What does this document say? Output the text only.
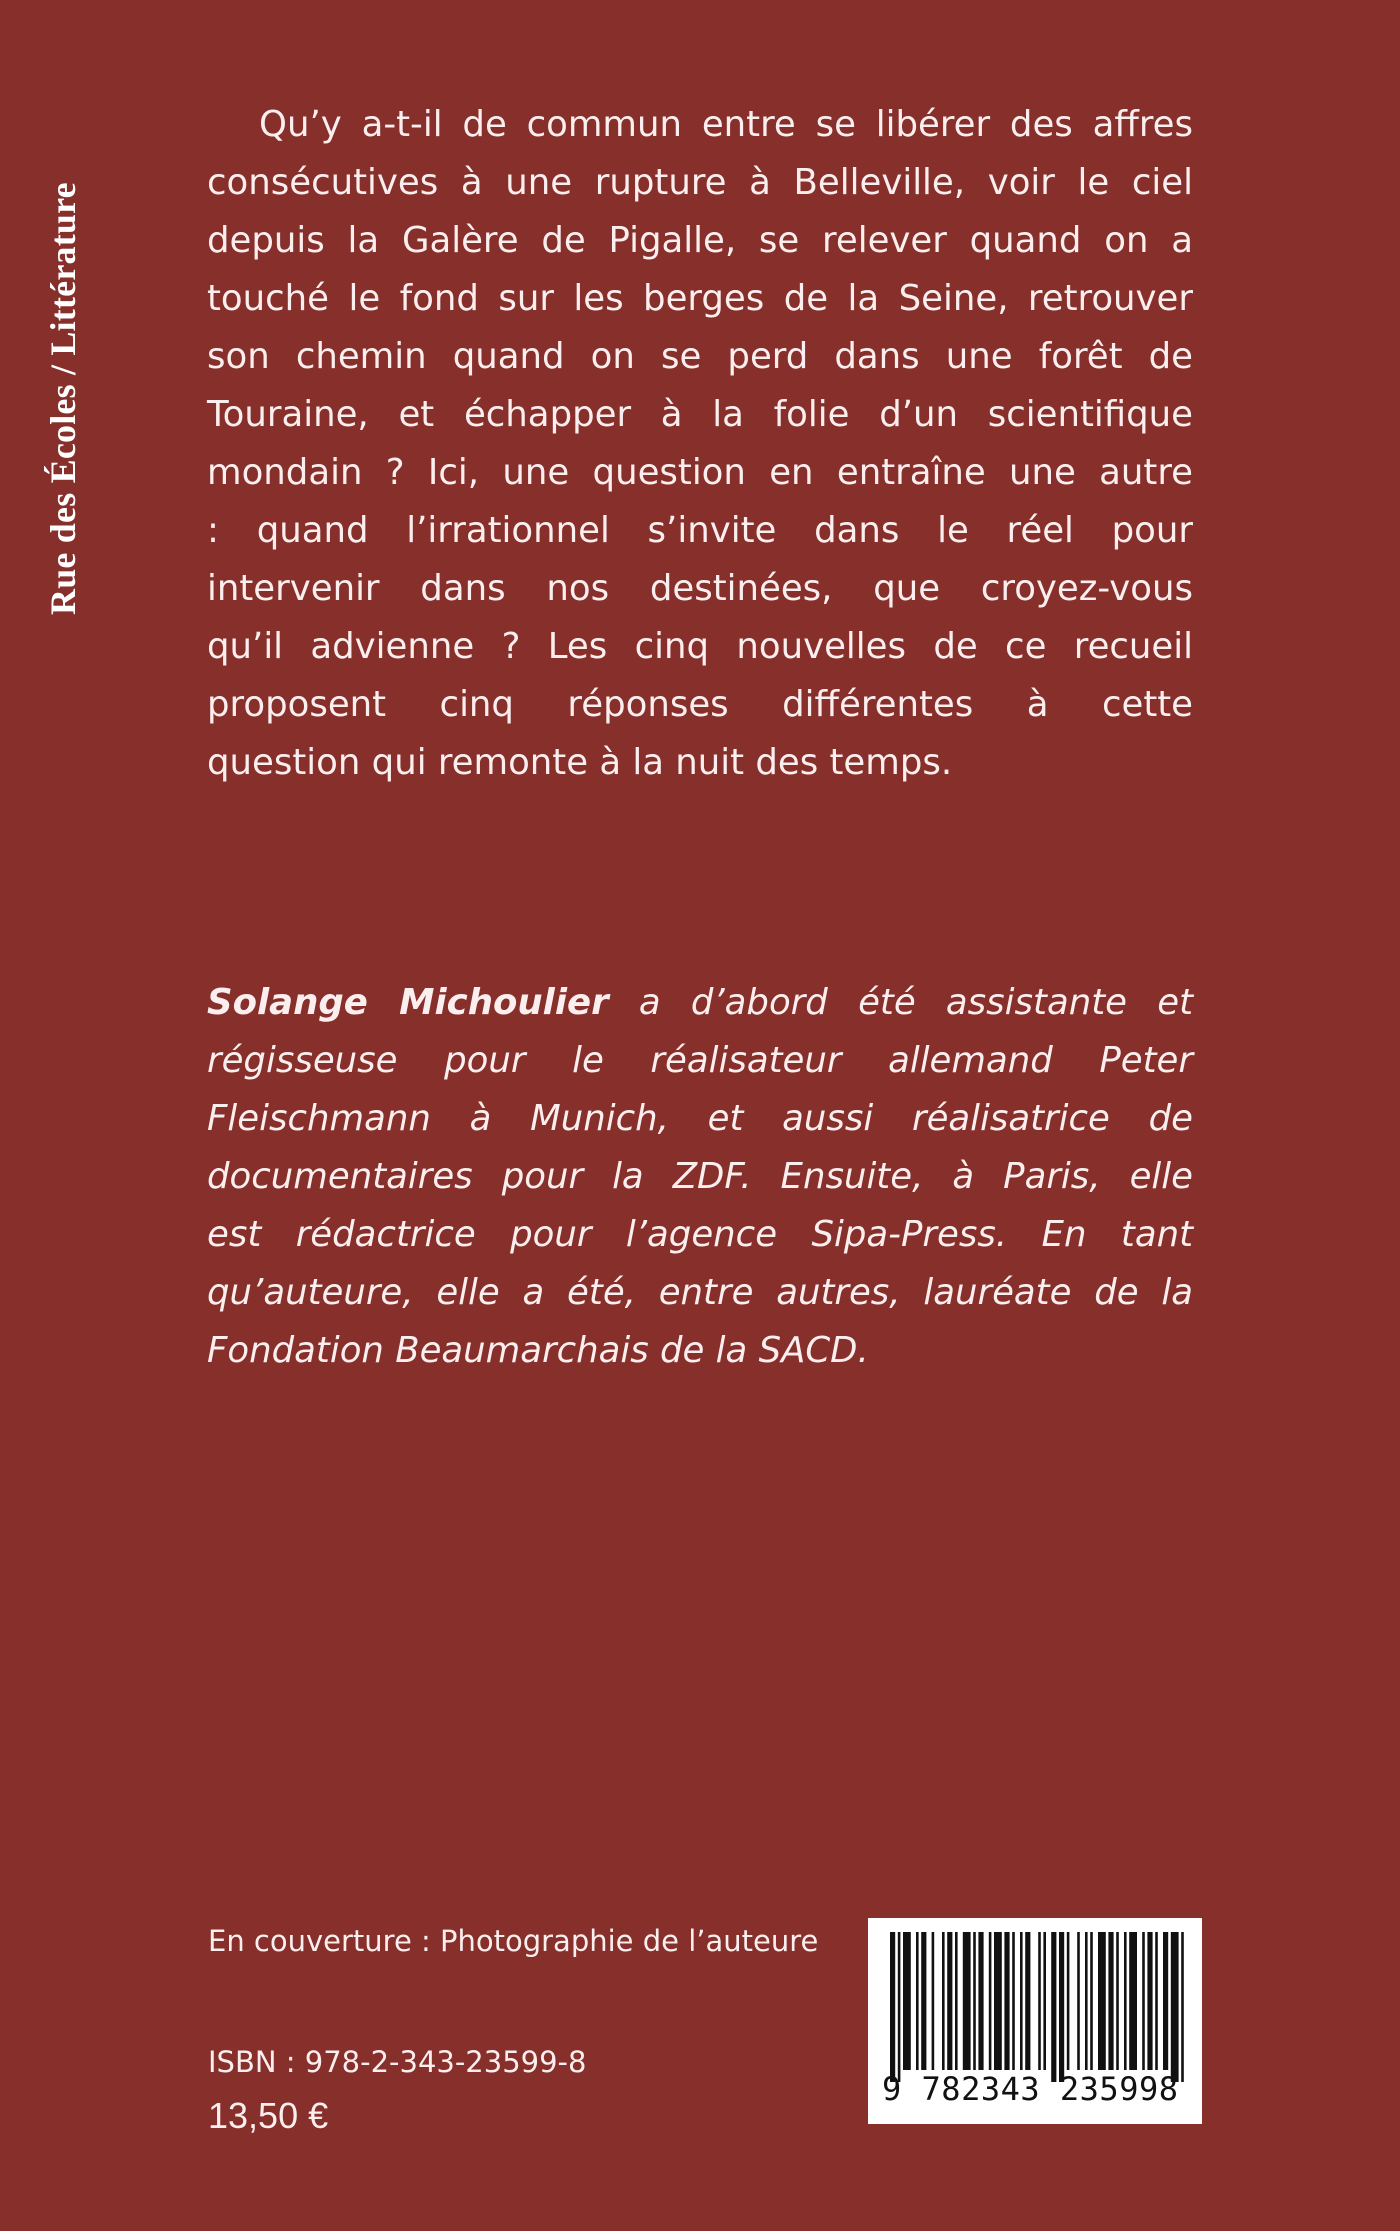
Rue des Écoles / Littérature
Qu’y a-t-il de commun entre se libérer des affres
consécutives à une rupture à Belleville, voir le ciel
depuis la Galère de Pigalle, se relever quand on a
touché le fond sur les berges de la Seine, retrouver
son chemin quand on se perd dans une forêt de
Touraine, et échapper à la folie d’un scientifique
mondain ? Ici, une question en entraîne une autre
: quand l’irrationnel s’invite dans le réel pour
intervenir dans nos destinées, que croyez-vous
qu’il advienne ? Les cinq nouvelles de ce recueil
proposent cinq réponses différentes à cette
question qui remonte à la nuit des temps.
Solange Michoulier a d’abord été assistante et
régisseuse pour le réalisateur allemand Peter
Fleischmann à Munich, et aussi réalisatrice de
documentaires pour la ZDF. Ensuite, à Paris, elle
est rédactrice pour l’agence Sipa-Press. En tant
qu’auteure, elle a été, entre autres, lauréate de la
Fondation Beaumarchais de la SACD.
En couverture : Photographie de l’auteure
ISBN : 978-2-343-23599-8
13,50 €
9 782343 235998
